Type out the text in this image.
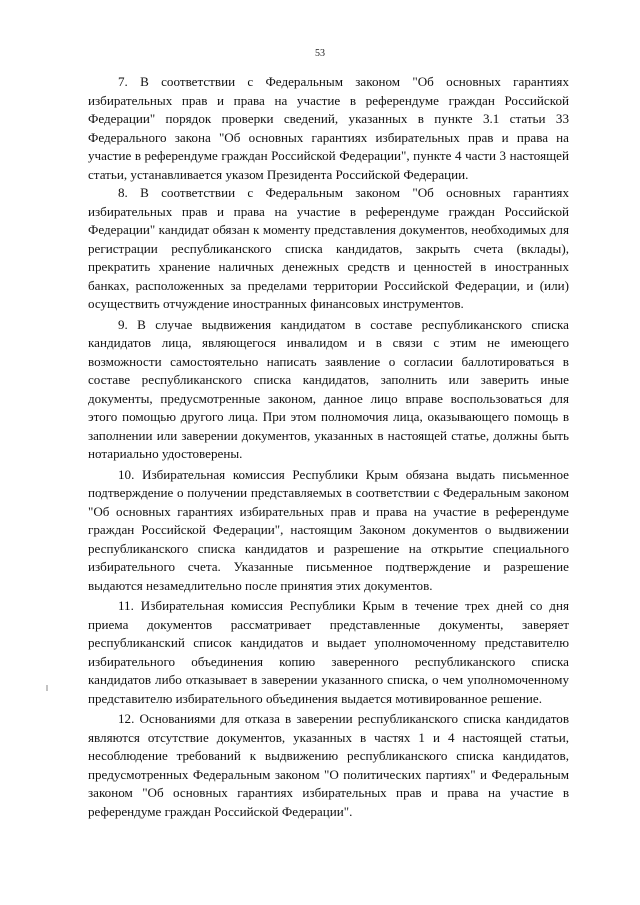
53

7. В соответствии с Федеральным законом "Об основных гарантиях избирательных прав и права на участие в референдуме граждан Российской Федерации" порядок проверки сведений, указанных в пункте 3.1 статьи 33 Федерального закона "Об основных гарантиях избирательных прав и права на участие в референдуме граждан Российской Федерации", пункте 4 части 3 настоящей статьи, устанавливается указом Президента Российской Федерации.

8. В соответствии с Федеральным законом "Об основных гарантиях избирательных прав и права на участие в референдуме граждан Российской Федерации" кандидат обязан к моменту представления документов, необходимых для регистрации республиканского списка кандидатов, закрыть счета (вклады), прекратить хранение наличных денежных средств и ценностей в иностранных банках, расположенных за пределами территории Российской Федерации, и (или) осуществить отчуждение иностранных финансовых инструментов.

9. В случае выдвижения кандидатом в составе республиканского списка кандидатов лица, являющегося инвалидом и в связи с этим не имеющего возможности самостоятельно написать заявление о согласии баллотироваться в составе республиканского списка кандидатов, заполнить или заверить иные документы, предусмотренные законом, данное лицо вправе воспользоваться для этого помощью другого лица. При этом полномочия лица, оказывающего помощь в заполнении или заверении документов, указанных в настоящей статье, должны быть нотариально удостоверены.

10. Избирательная комиссия Республики Крым обязана выдать письменное подтверждение о получении представляемых в соответствии с Федеральным законом "Об основных гарантиях избирательных прав и права на участие в референдуме граждан Российской Федерации", настоящим Законом документов о выдвижении республиканского списка кандидатов и разрешение на открытие специального избирательного счета. Указанные письменное подтверждение и разрешение выдаются незамедлительно после принятия этих документов.

11. Избирательная комиссия Республики Крым в течение трех дней со дня приема документов рассматривает представленные документы, заверяет республиканский список кандидатов и выдает уполномоченному представителю избирательного объединения копию заверенного республиканского списка кандидатов либо отказывает в заверении указанного списка, о чем уполномоченному представителю избирательного объединения выдается мотивированное решение.

12. Основаниями для отказа в заверении республиканского списка кандидатов являются отсутствие документов, указанных в частях 1 и 4 настоящей статьи, несоблюдение требований к выдвижению республиканского списка кандидатов, предусмотренных Федеральным законом "О политических партиях" и Федеральным законом "Об основных гарантиях избирательных прав и права на участие в референдуме граждан Российской Федерации".
